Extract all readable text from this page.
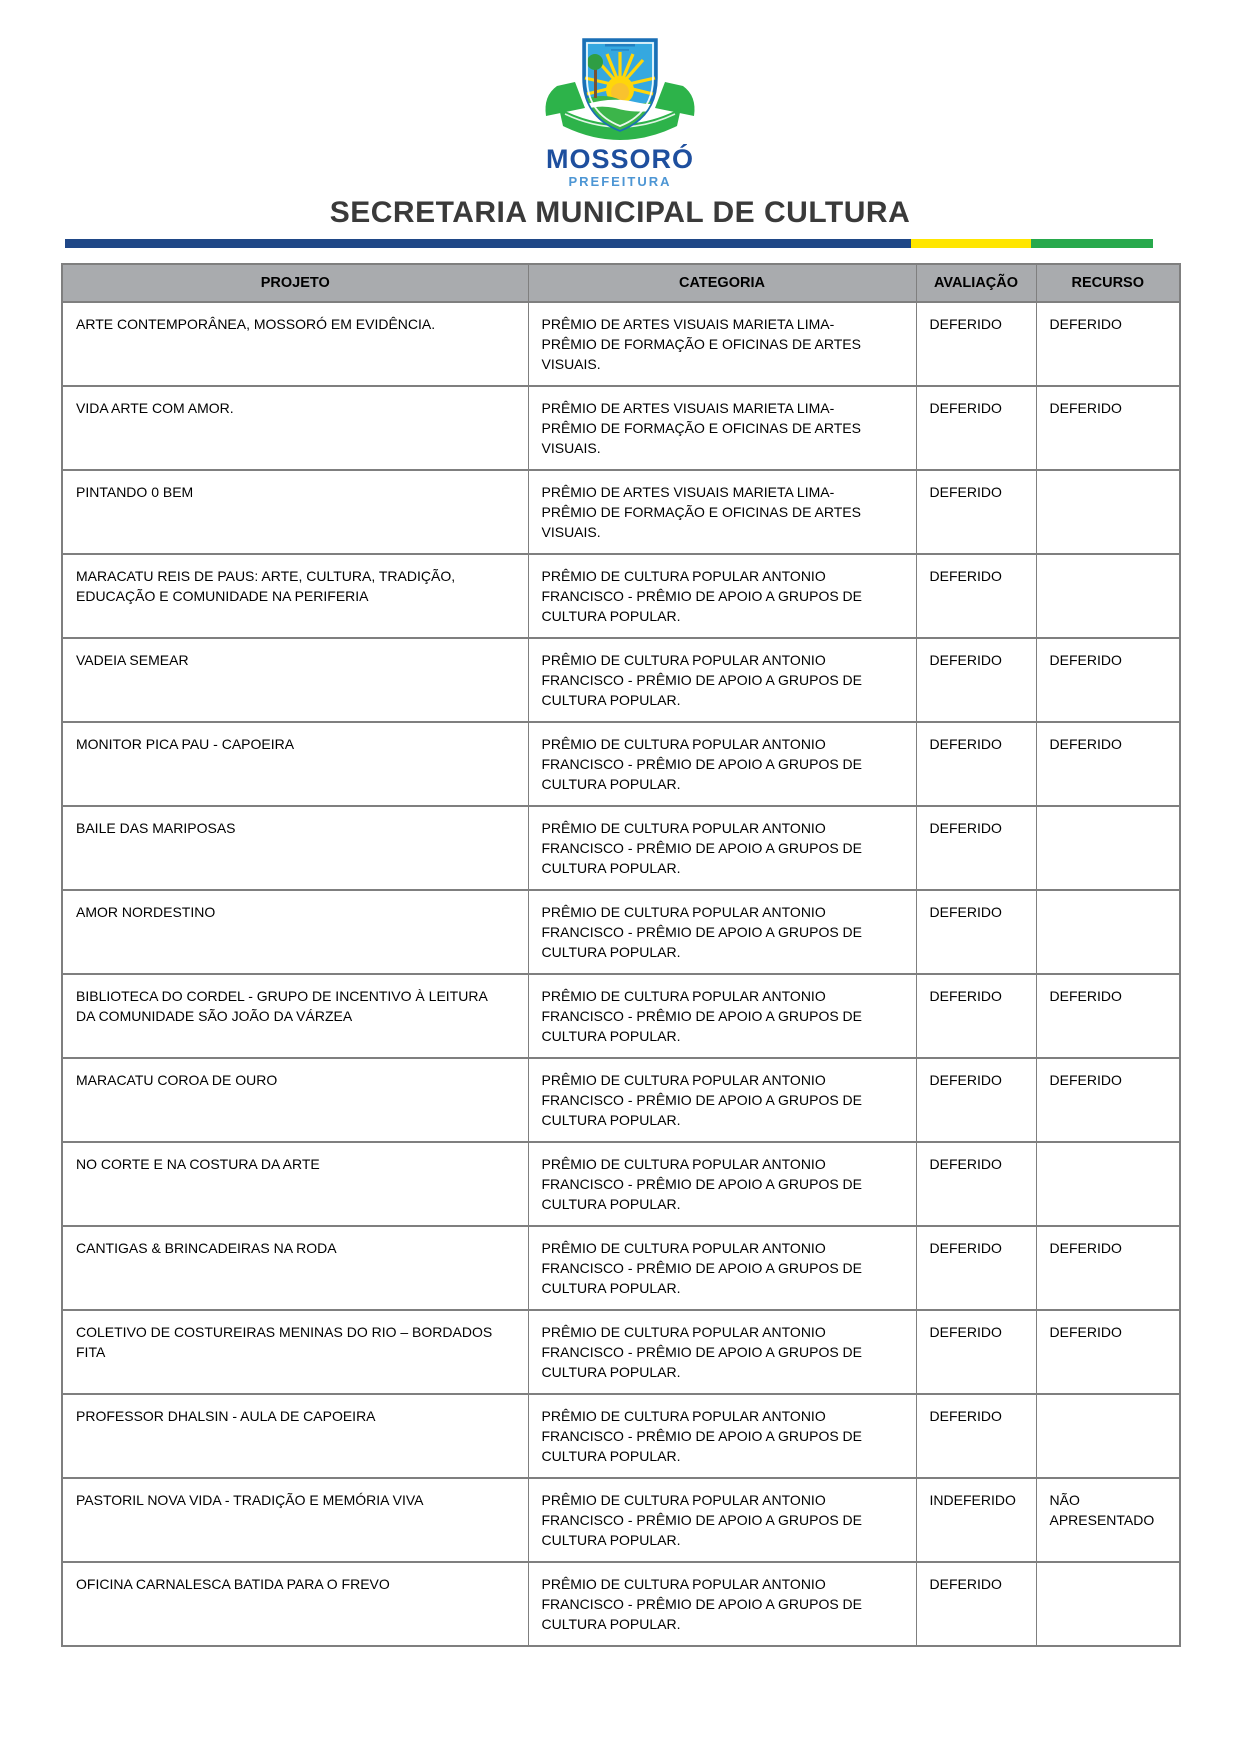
MOSSORÓ
PREFEITURA
SECRETARIA MUNICIPAL DE CULTURA
PROJETO	CATEGORIA	AVALIAÇÃO	RECURSO
ARTE CONTEMPORÂNEA, MOSSORÓ EM EVIDÊNCIA.	PRÊMIO DE ARTES VISUAIS MARIETA LIMA- PRÊMIO DE FORMAÇÃO E OFICINAS DE ARTES VISUAIS.	DEFERIDO	DEFERIDO
VIDA ARTE COM AMOR.	PRÊMIO DE ARTES VISUAIS MARIETA LIMA- PRÊMIO DE FORMAÇÃO E OFICINAS DE ARTES VISUAIS.	DEFERIDO	DEFERIDO
PINTANDO 0 BEM	PRÊMIO DE ARTES VISUAIS MARIETA LIMA- PRÊMIO DE FORMAÇÃO E OFICINAS DE ARTES VISUAIS.	DEFERIDO	
MARACATU REIS DE PAUS: ARTE, CULTURA, TRADIÇÃO, EDUCAÇÃO E COMUNIDADE NA PERIFERIA	PRÊMIO DE CULTURA POPULAR ANTONIO FRANCISCO - PRÊMIO DE APOIO A GRUPOS DE CULTURA POPULAR.	DEFERIDO	
VADEIA SEMEAR	PRÊMIO DE CULTURA POPULAR ANTONIO FRANCISCO - PRÊMIO DE APOIO A GRUPOS DE CULTURA POPULAR.	DEFERIDO	DEFERIDO
MONITOR PICA PAU - CAPOEIRA	PRÊMIO DE CULTURA POPULAR ANTONIO FRANCISCO - PRÊMIO DE APOIO A GRUPOS DE CULTURA POPULAR.	DEFERIDO	DEFERIDO
BAILE DAS MARIPOSAS	PRÊMIO DE CULTURA POPULAR ANTONIO FRANCISCO - PRÊMIO DE APOIO A GRUPOS DE CULTURA POPULAR.	DEFERIDO	
AMOR NORDESTINO	PRÊMIO DE CULTURA POPULAR ANTONIO FRANCISCO - PRÊMIO DE APOIO A GRUPOS DE CULTURA POPULAR.	DEFERIDO	
BIBLIOTECA DO CORDEL - GRUPO DE INCENTIVO À LEITURA DA COMUNIDADE SÃO JOÃO DA VÁRZEA	PRÊMIO DE CULTURA POPULAR ANTONIO FRANCISCO - PRÊMIO DE APOIO A GRUPOS DE CULTURA POPULAR.	DEFERIDO	DEFERIDO
MARACATU COROA DE OURO	PRÊMIO DE CULTURA POPULAR ANTONIO FRANCISCO - PRÊMIO DE APOIO A GRUPOS DE CULTURA POPULAR.	DEFERIDO	DEFERIDO
NO CORTE E NA COSTURA DA ARTE	PRÊMIO DE CULTURA POPULAR ANTONIO FRANCISCO - PRÊMIO DE APOIO A GRUPOS DE CULTURA POPULAR.	DEFERIDO	
CANTIGAS & BRINCADEIRAS NA RODA	PRÊMIO DE CULTURA POPULAR ANTONIO FRANCISCO - PRÊMIO DE APOIO A GRUPOS DE CULTURA POPULAR.	DEFERIDO	DEFERIDO
COLETIVO DE COSTUREIRAS MENINAS DO RIO – BORDADOS FITA	PRÊMIO DE CULTURA POPULAR ANTONIO FRANCISCO - PRÊMIO DE APOIO A GRUPOS DE CULTURA POPULAR.	DEFERIDO	DEFERIDO
PROFESSOR DHALSIN - AULA DE CAPOEIRA	PRÊMIO DE CULTURA POPULAR ANTONIO FRANCISCO - PRÊMIO DE APOIO A GRUPOS DE CULTURA POPULAR.	DEFERIDO	
PASTORIL NOVA VIDA - TRADIÇÃO E MEMÓRIA VIVA	PRÊMIO DE CULTURA POPULAR ANTONIO FRANCISCO - PRÊMIO DE APOIO A GRUPOS DE CULTURA POPULAR.	INDEFERIDO	NÃO APRESENTADO
OFICINA CARNALESCA BATIDA PARA O FREVO	PRÊMIO DE CULTURA POPULAR ANTONIO FRANCISCO - PRÊMIO DE APOIO A GRUPOS DE CULTURA POPULAR.	DEFERIDO	
